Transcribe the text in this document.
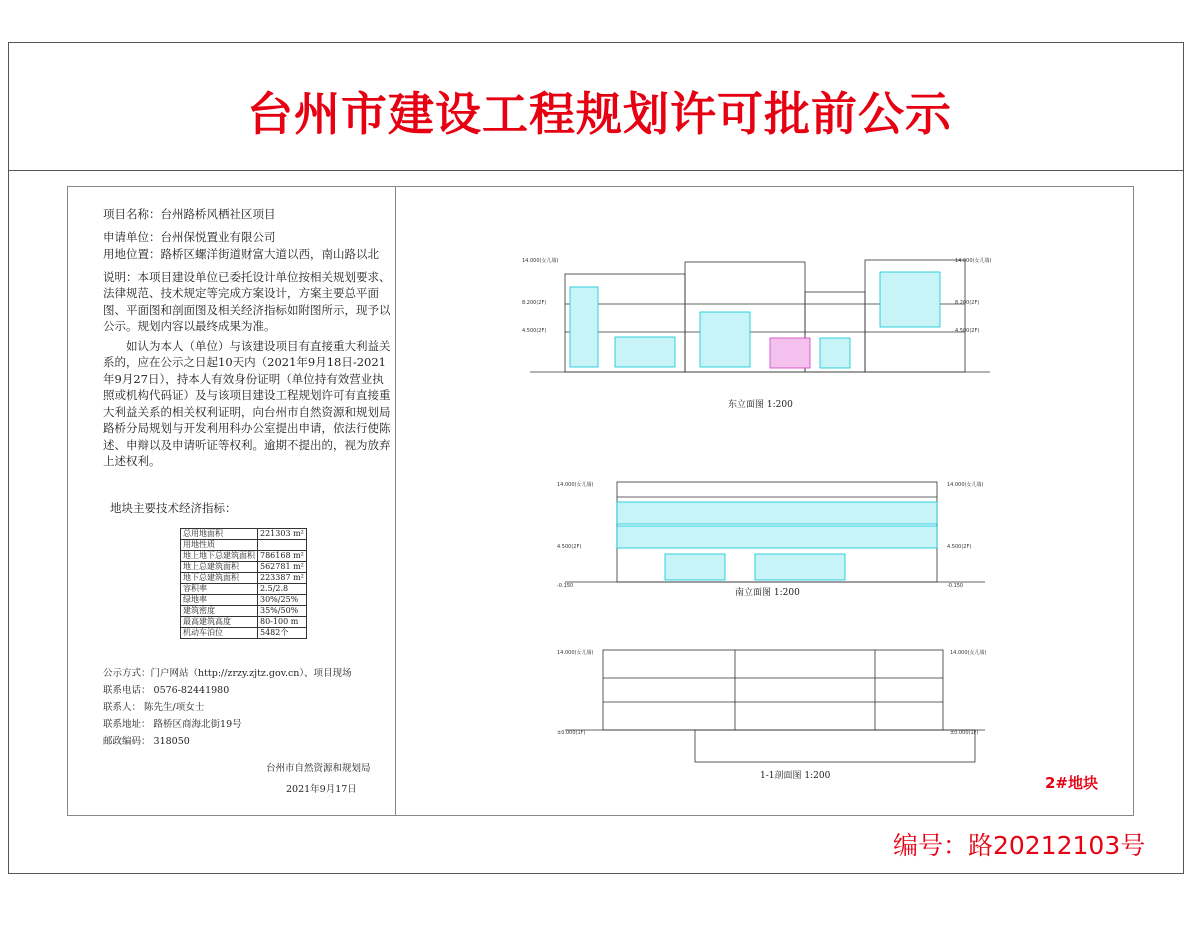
台州市建设工程规划许可批前公示

项目名称：台州路桥风栖社区项目

申请单位：台州保悦置业有限公司

用地位置：路桥区螺洋街道财富大道以西，南山路以北

说明：本项目建设单位已委托设计单位按相关规划要求、法律规范、技术规定等完成方案设计，方案主要总平面图、平面图和剖面图及相关经济指标如附图所示，现予以公示。规划内容以最终成果为准。

如认为本人（单位）与该建设项目有直接重大利益关系的，应在公示之日起10天内（2021年9月18日-2021年9月27日），持本人有效身份证明（单位持有效营业执照或机构代码证）及与该项目建设工程规划许可有直接重大利益关系的相关权利证明，向台州市自然资源和规划局路桥分局规划与开发利用科办公室提出申请，依法行使陈述、申辩以及申请听证等权利。逾期不提出的，视为放弃上述权利。

地块主要技术经济指标：
总用地面积	221303 m²
用地性质	
地上地下总建筑面积	786168 m²
地上总建筑面积	562781 m²
地下总建筑面积	223387 m²
容积率	2.5/2.8
绿地率	30%/25%
建筑密度	35%/50%
最高建筑高度	80-100 m
机动车泊位	5482个

公示方式：门户网站（http://zrzy.zjtz.gov.cn）、项目现场

联系电话： 0576-82441980

联系人： 陈先生/项女士

联系地址： 路桥区商海北街19号

邮政编码： 318050

台州市自然资源和规划局
2021年9月17日
14.000(女儿墙)
8.200(2F)
4.500(2F)
14.000(女儿墙)
8.200(2F)
4.500(2F)
东立面图 1:200
14.000(女儿墙)
4.500(2F)
-0.150
14.000(女儿墙)
4.500(2F)
-0.150
南立面图 1:200
14.000(女儿墙)
±0.000(1F)
14.000(女儿墙)
±0.000(1F)
1-1剖面图 1:200	2#地块
编号：路20212103号
